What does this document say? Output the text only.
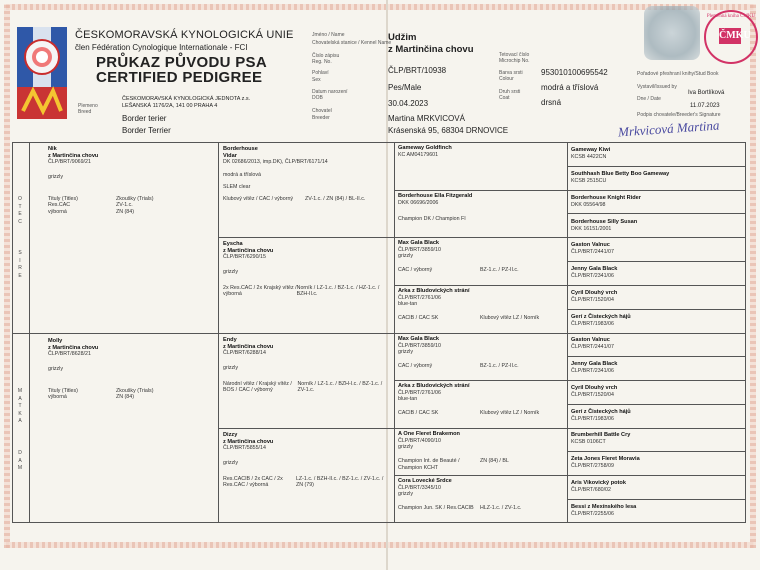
ČESKOMORAVSKÁ KYNOLOGICKÁ UNIE
člen Fédération Cynologique Internationale - FCI
PRŮKAZ PŮVODU PSA
CERTIFIED PEDIGREE
Plemeno
Breed
ČESKOMORAVSKÁ KYNOLOGICKÁ JEDNOTA z.s.
LEŠANSKÁ 1176/2A, 141 00 PRAHA 4
Border terier
Border Terrier
Jméno / Name
Chovatelská stanice / Kennel Name
Číslo zápisu
Reg. No.
Pohlaví
Sex
Datum narození
DOB
Chovatel
Breeder
Udžim
z Martinčina chovu
ČLP/BRT/10938
Pes/Male
30.04.2023
Martina MRKVICOVÁ
Krásenská 95, 68304 DRNOVICE
Tetovací číslo
Microchip No.
Barva srsti
Colour
Druh srsti
Coat
953010100695542
modrá a tříslová
drsná
Plemenná kniha ČMKU
ČMKU
Pořadové přeshraní knihy/Stud Book
Vystavil/Issued by
Iva Bortlíková
Dne / Date
11.07.2023
Podpis chovatele/Breeder's Signature
Mrkvicová Martina
O T E C
S I R E
M A T K A
D A M
Nik
z Martinčina chovu
ČLP/BRT/9069/21
grizzly
Tituly (Titles)
Res.CAC
výborná
Zkoušky (Trials)
ZV-1.c.
ZN (84)
Molly
z Martinčina chovu
ČLP/BRT/8628/21
grizzly
Tituly (Titles)
výborná
Zkoušky (Trials)
ZN (84)
Borderhouse
Vidar
DK 02686/2013, imp.DK), ČLP/BRT/6171/14
modrá a tříslová
SLEM clear
Klubový vítěz / CAC / výborný	ZV-1.c. / ZN (84) / BL-II.c.
Eyscha
z Martinčina chovu
ČLP/BRT/6290/15
grizzly
2x Res.CAC / 2x Krajský vítěz / výborná
Norník / LZ-1.c. / BZ-1.c. / HZ-1.c. / BZH-II.c.
Endy
z Martinčina chovu
ČLP/BRT/6288/14
grizzly
Národní vítěz / Krajský vítěz / BOS / CAC / výborný
Norník / LZ-1.c. / BZH-I.c. / BZ-1.c. / ZV-1.c.
Dizzy
z Martinčina chovu
ČLP/BRT/5855/14
grizzly
Res.CACIB / 2x CAC / 2x Res.CAC / výborná
LZ-1.c. / BZH-II.c. / BZ-1.c. / ZV-1.c. / ZN (79)
Gameway Goldfinch
KC AM04179601
Borderhouse Ella Fitzgerald
DKK 06696/2006
Champion DK / Champion FI
Max Gala Black
ČLP/BRT/3859/10
grizzly
CAC / výborný	BZ-1.c. / PZ-II.c.
Arka z Bludovických strání
ČLP/BRT/2761/06
blue-tan
CACIB / CAC SK	Klubový vítěz LZ / Norník
Max Gala Black
ČLP/BRT/3859/10
grizzly
CAC / výborný	BZ-1.c. / PZ-II.c.
Arka z Bludovických strání
ČLP/BRT/2761/06
blue-tan
CACIB / CAC SK	Klubový vítěz LZ / Norník
A One Fleret Brakemon
ČLP/BRT/4090/10
grizzly
Champion Int. de Beauté / Champion KCHT
ZN (84) / BL
Cora Lovecké Srdce
ČLP/BRT/3345/10
grizzly
Champion Jun. SK / Res.CACIB	HLZ-1.c. / ZV-1.c.
Gameway Kiwi
KCSB 4422CN
Southhash Blue Betty Boo Gameway
KCSB 2515CU
Borderhouse Knight Rider
DKK 05564/98
Borderhouse Silly Susan
DKK 16151/2001
Gaston Valnuc
ČLP/BRT/2441/07
Jenny Gala Black
ČLP/BRT/2341/06
Cyril Dlouhý vrch
ČLP/BRT/1520/04
Gerí z Čisteckých hájů
ČLP/BRT/1983/06
Gaston Valnuc
ČLP/BRT/2441/07
Jenny Gala Black
ČLP/BRT/2341/06
Cyril Dlouhý vrch
ČLP/BRT/1520/04
Gerí z Čisteckých hájů
ČLP/BRT/1983/06
Brumberhill Battle Cry
KCSB 0106CT
Zeta Jones Fleret Moravia
ČLP/BRT/2758/09
Aris Vikovický potok
ČLP/BRT/680/02
Bessi z Mexínského lesa
ČLP/BRT/2255/06
